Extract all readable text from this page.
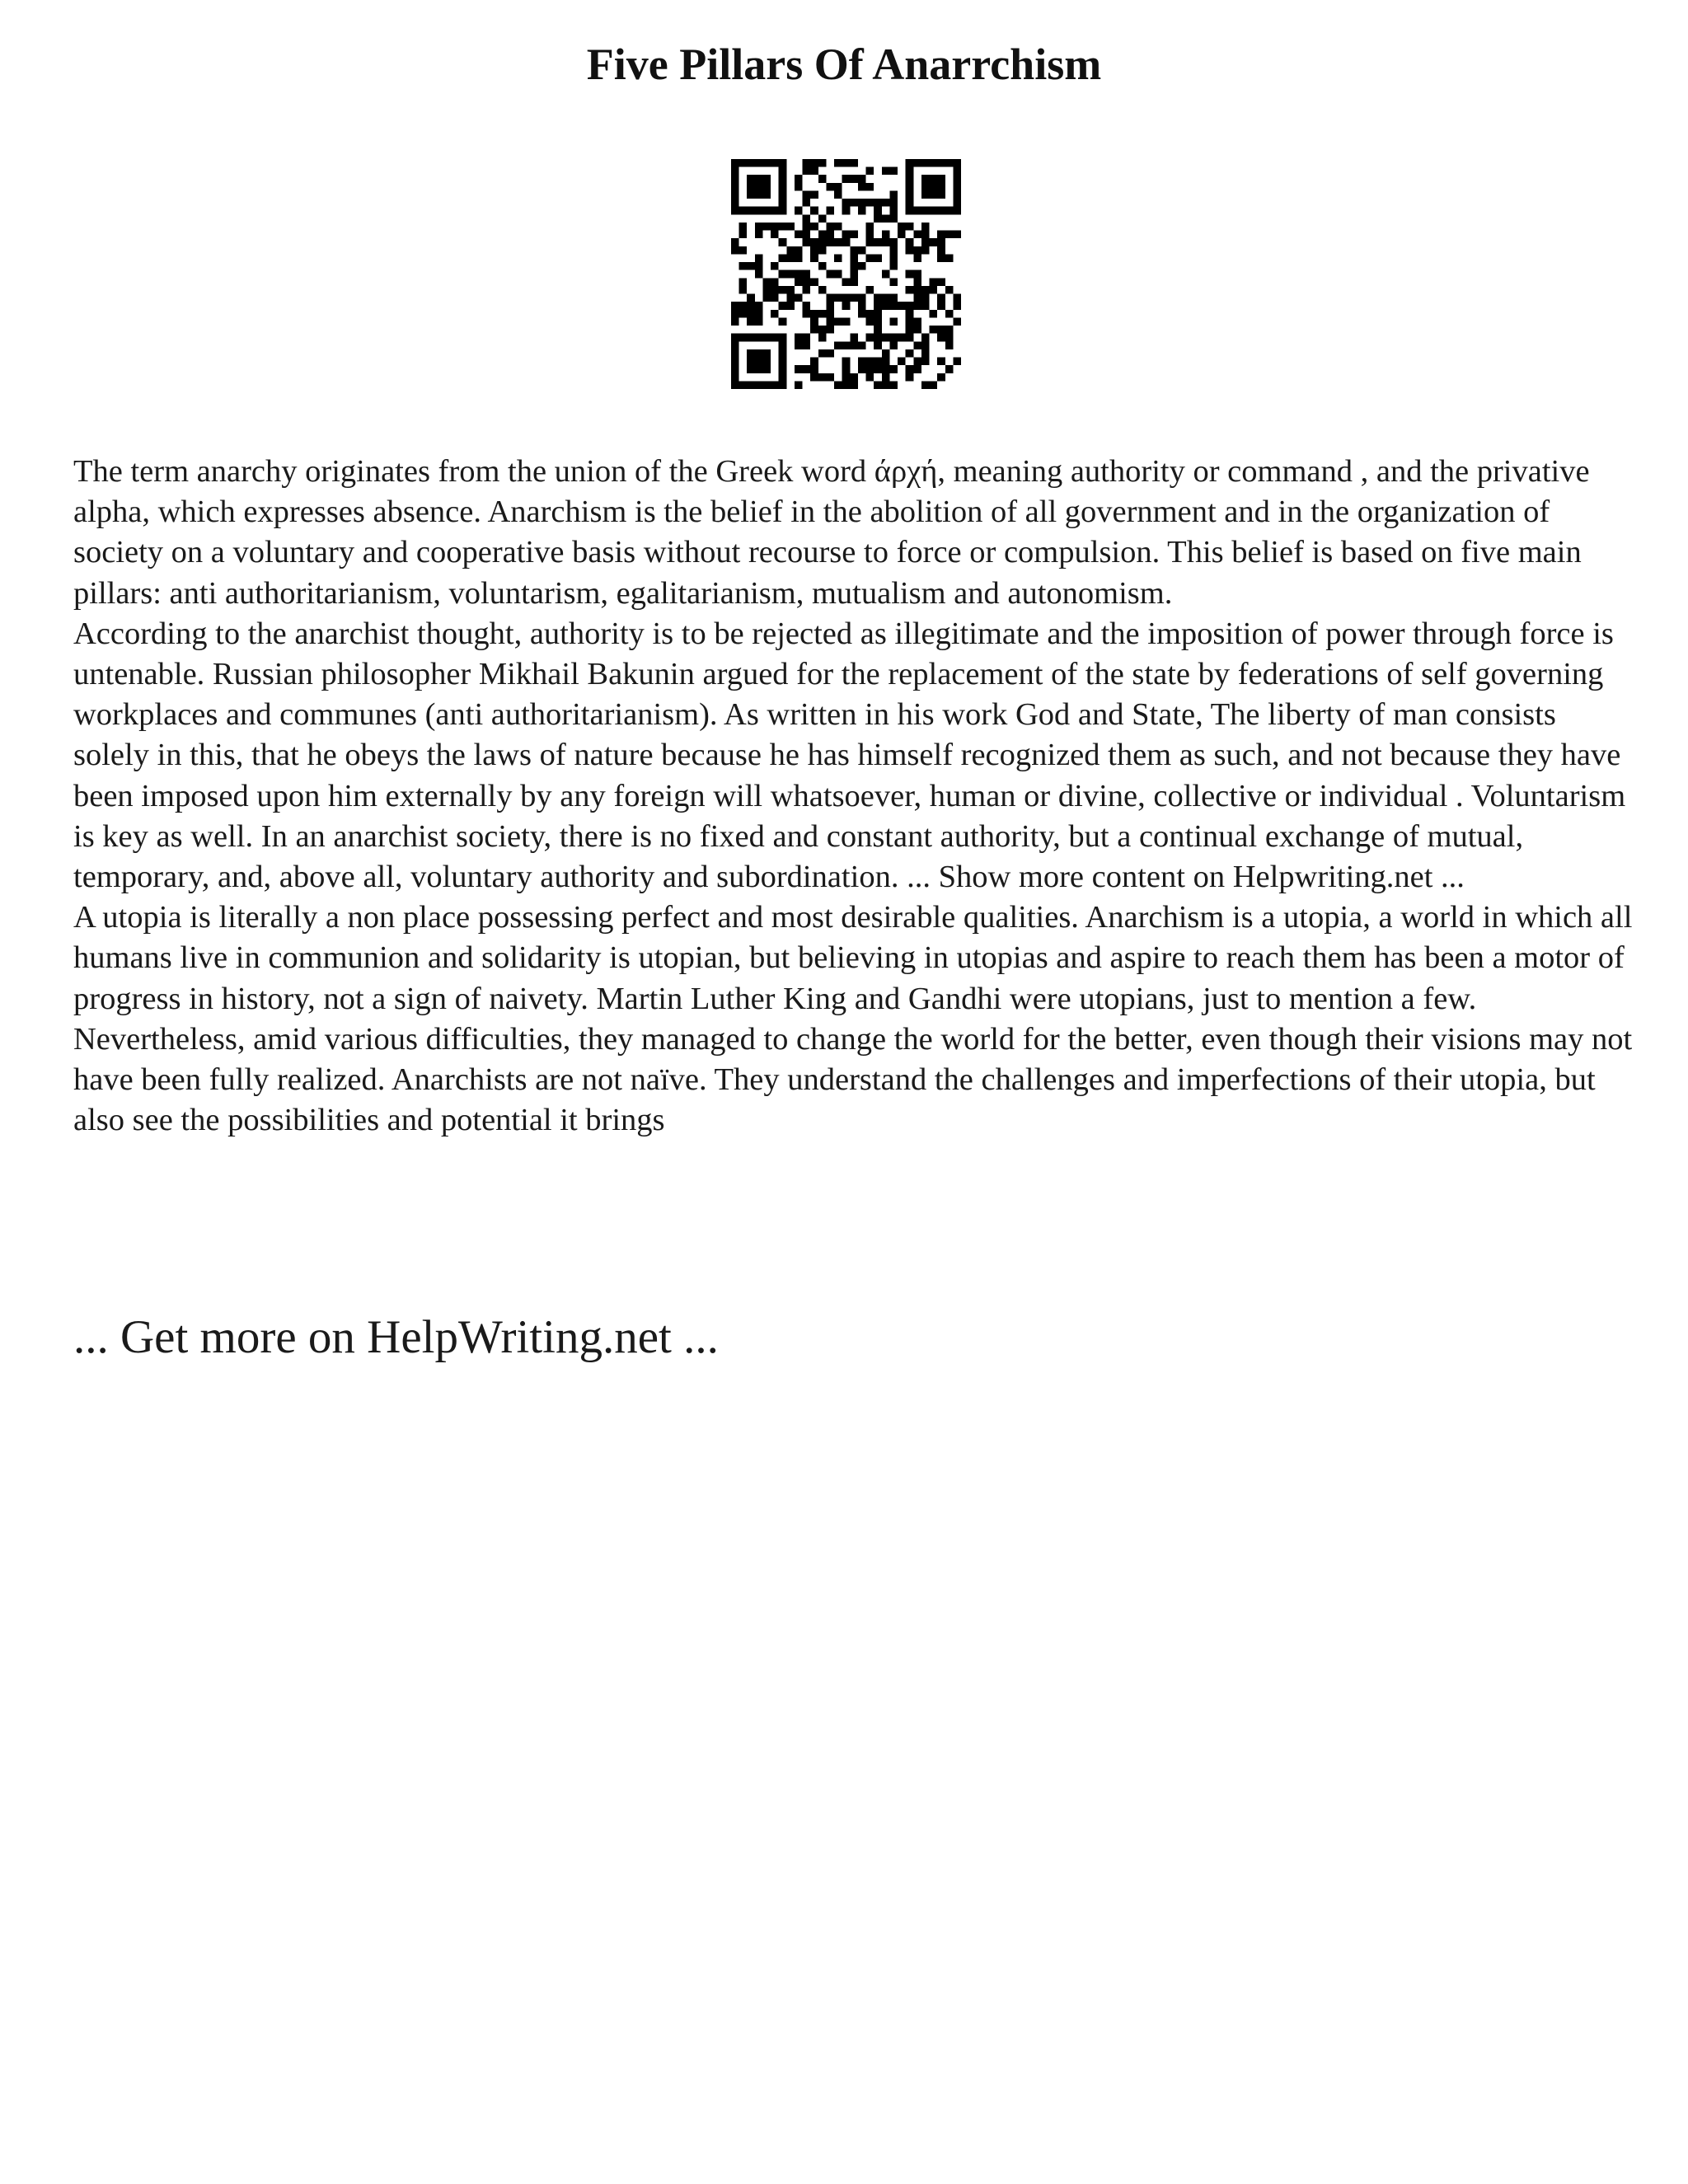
Five Pillars Of Anarrchism

The term anarchy originates from the union of the Greek word άρχή, meaning authority or command , and the privative alpha, which expresses absence. Anarchism is the belief in the abolition of all government and in the organization of society on a voluntary and cooperative basis without recourse to force or compulsion. This belief is based on five main pillars: anti authoritarianism, voluntarism, egalitarianism, mutualism and autonomism.

According to the anarchist thought, authority is to be rejected as illegitimate and the imposition of power through force is untenable. Russian philosopher Mikhail Bakunin argued for the replacement of the state by federations of self governing workplaces and communes (anti authoritarianism). As written in his work God and State, The liberty of man consists solely in this, that he obeys the laws of nature because he has himself recognized them as such, and not because they have been imposed upon him externally by any foreign will whatsoever, human or divine, collective or individual . Voluntarism is key as well. In an anarchist society, there is no fixed and constant authority, but a continual exchange of mutual, temporary, and, above all, voluntary authority and subordination. ... Show more content on Helpwriting.net ...

A utopia is literally a non place possessing perfect and most desirable qualities. Anarchism is a utopia, a world in which all humans live in communion and solidarity is utopian, but believing in utopias and aspire to reach them has been a motor of progress in history, not a sign of naivety. Martin Luther King and Gandhi were utopians, just to mention a few. Nevertheless, amid various difficulties, they managed to change the world for the better, even though their visions may not have been fully realized. Anarchists are not naïve. They understand the challenges and imperfections of their utopia, but also see the possibilities and potential it brings

... Get more on HelpWriting.net ...
